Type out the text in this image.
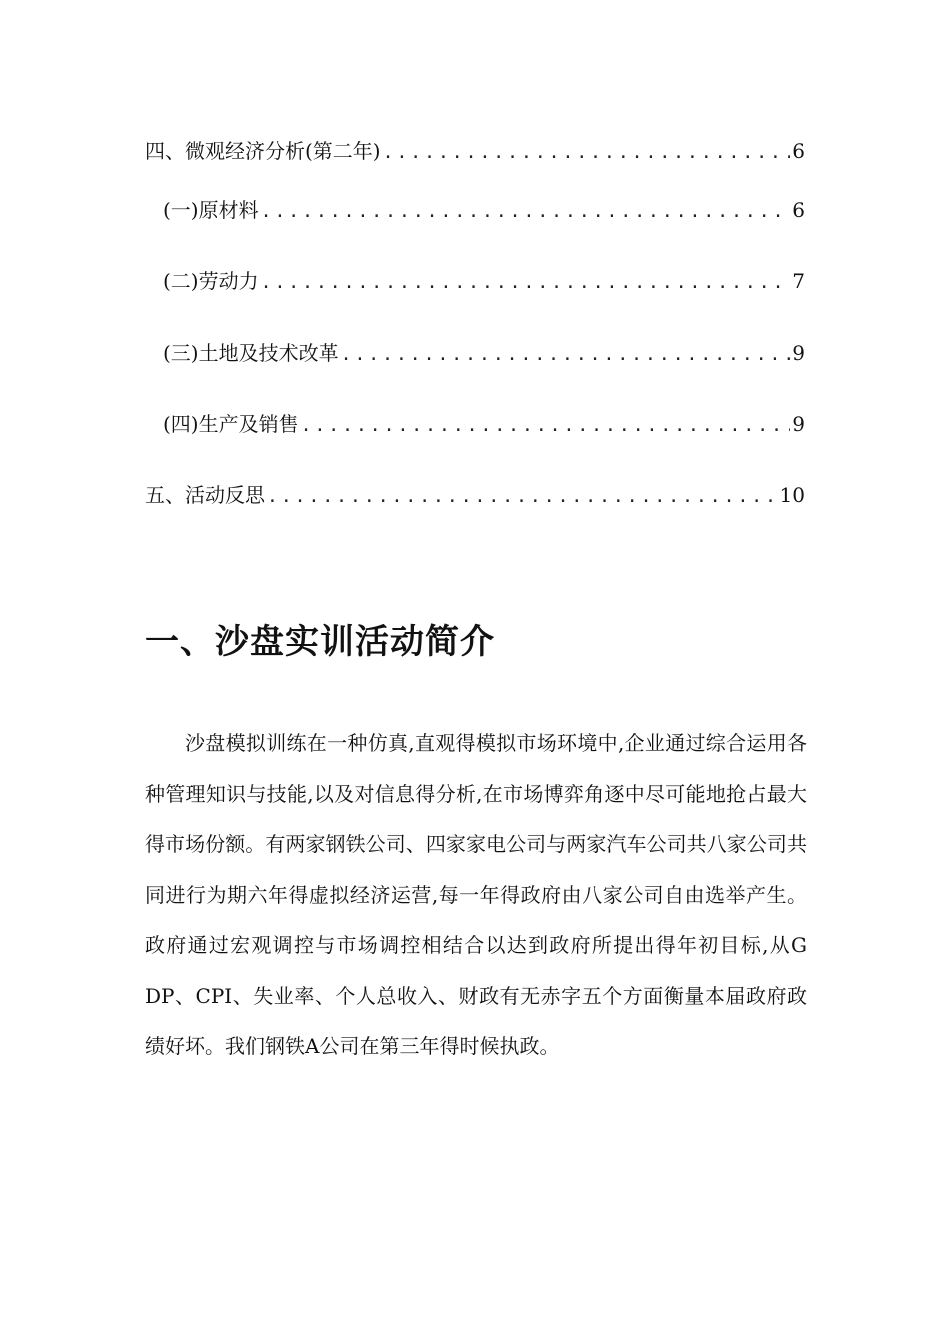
四、微观经济分析(第二年) .....	6
(一)原材料 .....	6
(二)劳动力 .....	7
(三)土地及技术改革 .....	9
(四)生产及销售 .....	9
五、活动反思 .....	10
一、沙盘实训活动简介

沙盘模拟训练在一种仿真,直观得模拟市场环境中,企业通过综合运用各种管理知识与技能,以及对信息得分析,在市场博弈角逐中尽可能地抢占最大得市场份额。有两家钢铁公司、四家家电公司与两家汽车公司共八家公司共同进行为期六年得虚拟经济运营,每一年得政府由八家公司自由选举产生。政府通过宏观调控与市场调控相结合以达到政府所提出得年初目标,从G DP、CPI、失业率、个人总收入、财政有无赤字五个方面衡量本届政府政绩好坏。我们钢铁A公司在第三年得时候执政。
